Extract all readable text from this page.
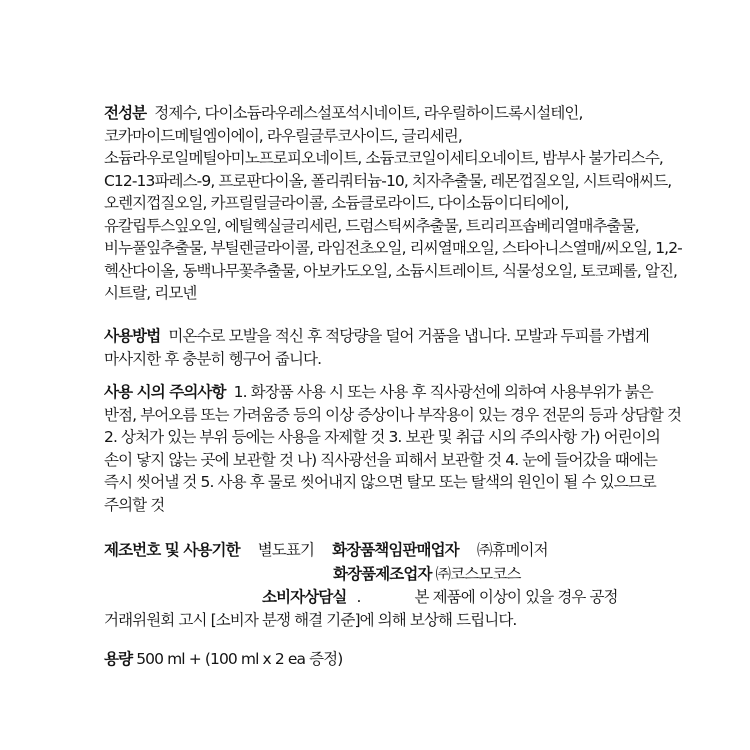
전성분 정제수, 다이소듐라우레스설포석시네이트, 라우릴하이드록시설테인, 코카마이드메틸엠이에이, 라우릴글루코사이드, 글리세린, 소듐라우로일메틸아미노프로피오네이트, 소듐코코일이세티오네이트, 밤부사 불가리스수, C12-13파레스-9, 프로판다이올, 폴리쿼터늄-10, 치자추출물, 레몬껍질오일, 시트릭애씨드, 오렌지껍질오일, 카프릴릴글라이콜, 소듐클로라이드, 다이소듐이디티에이, 유칼립투스잎오일, 에틸헥실글리세린, 드럼스틱씨추출물, 트리리프솝베리열매추출물, 비누풀잎추출물, 부틸렌글라이콜, 라임전초오일, 리씨열매오일, 스타아니스열매/씨오일, 1,2-헥산다이올, 동백나무꽃추출물, 아보카도오일, 소듐시트레이트, 식물성오일, 토코페롤, 알진, 시트랄, 리모넨
사용방법 미온수로 모발을 적신 후 적당량을 덜어 거품을 냅니다. 모발과 두피를 가볍게 마사지한 후 충분히 헹구어 줍니다.
사용 시의 주의사항 1. 화장품 사용 시 또는 사용 후 직사광선에 의하여 사용부위가 붉은 반점, 부어오름 또는 가려움증 등의 이상 증상이나 부작용이 있는 경우 전문의 등과 상담할 것 2. 상처가 있는 부위 등에는 사용을 자제할 것 3. 보관 및 취급 시의 주의사항 가) 어린이의 손이 닿지 않는 곳에 보관할 것 나) 직사광선을 피해서 보관할 것 4. 눈에 들어갔을 때에는 즉시 씻어낼 것 5. 사용 후 물로 씻어내지 않으면 탈모 또는 탈색의 원인이 될 수 있으므로 주의할 것
제조번호 및 사용기한 별도표기 화장품책임판매업자 ㈜휴메이저
화장품제조업자 ㈜코스모코스
소비자상담실 .	본 제품에 이상이 있을 경우 공정
거래위원회 고시 [소비자 분쟁 해결 기준]에 의해 보상해 드립니다.
용량 500 ml + (100 ml x 2 ea 증정)
